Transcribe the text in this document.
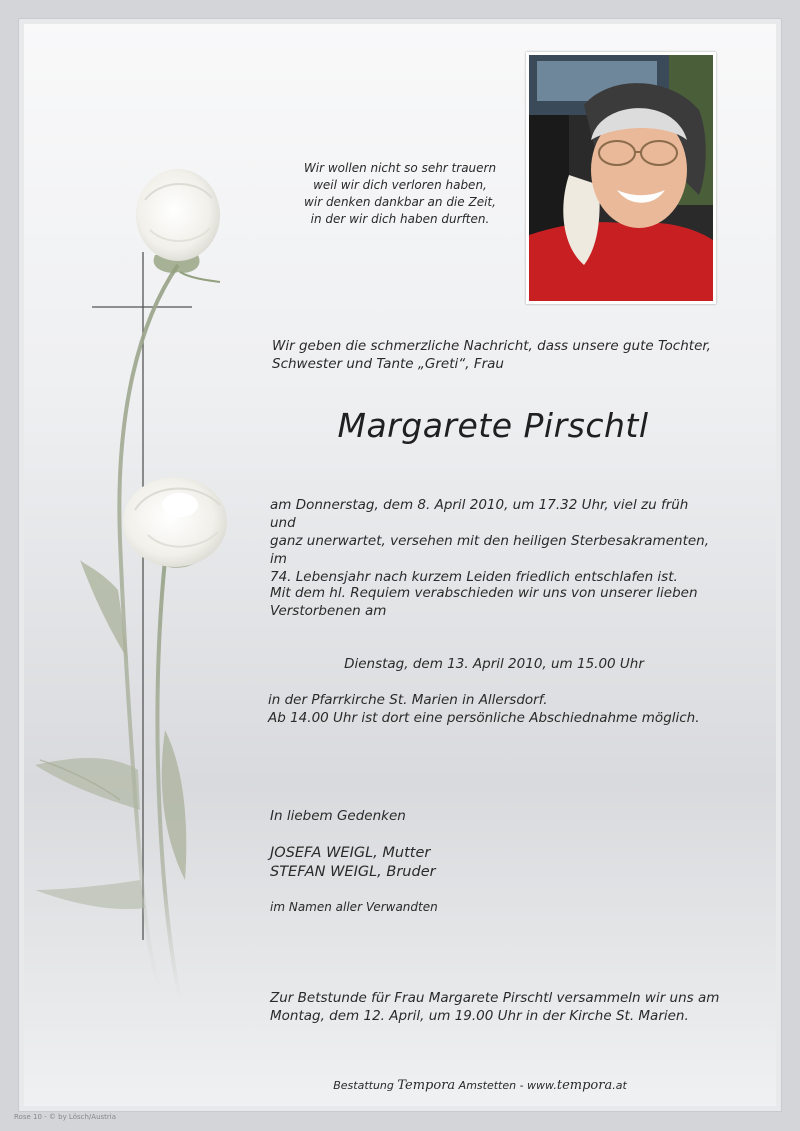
Wir wollen nicht so sehr trauern
weil wir dich verloren haben,
wir denken dankbar an die Zeit,
in der wir dich haben durften.
Wir geben die schmerzliche Nachricht, dass unsere gute Tochter,
Schwester und Tante „Greti“, Frau
Margarete Pirschtl
am Donnerstag, dem 8. April 2010, um 17.32 Uhr, viel zu früh und
ganz unerwartet, versehen mit den heiligen Sterbesakramenten, im
74. Lebensjahr nach kurzem Leiden friedlich entschlafen ist.
Mit dem hl. Requiem verabschieden wir uns von unserer lieben
Verstorbenen am
Dienstag, dem 13. April 2010, um 15.00 Uhr
in der Pfarrkirche St. Marien in Allersdorf.
Ab 14.00 Uhr ist dort eine persönliche Abschiednahme möglich.
In liebem Gedenken
JOSEFA WEIGL, Mutter
STEFAN WEIGL, Bruder
im Namen aller Verwandten
Zur Betstunde für Frau Margarete Pirschtl versammeln wir uns am
Montag, dem 12. April, um 19.00 Uhr in der Kirche St. Marien.
Bestattung Tempora Amstetten - www.tempora.at
Rose 10 - © by Lösch/Austria
